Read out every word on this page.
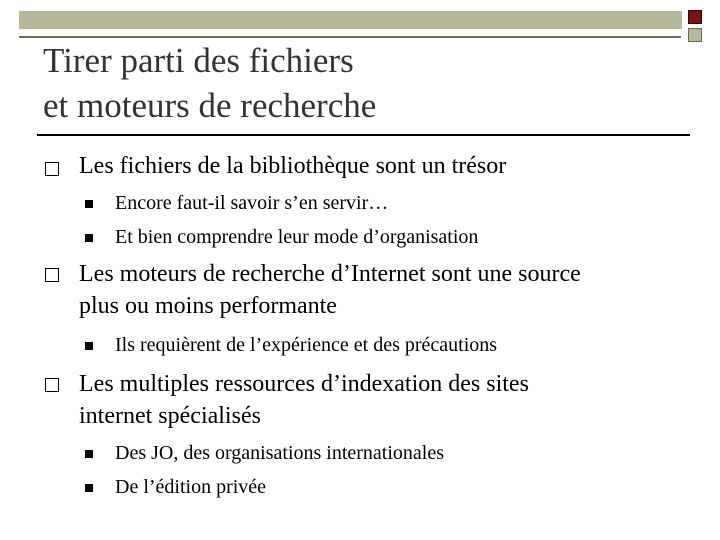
Tirer parti des fichiers
et moteurs de recherche
Les fichiers de la bibliothèque sont un trésor
Encore faut-il savoir s’en servir…
Et bien comprendre leur mode d’organisation
Les moteurs de recherche d’Internet sont une source
plus ou moins performante
Ils requièrent de l’expérience et des précautions
Les multiples ressources d’indexation des sites
internet spécialisés
Des JO, des organisations internationales
De l’édition privée
